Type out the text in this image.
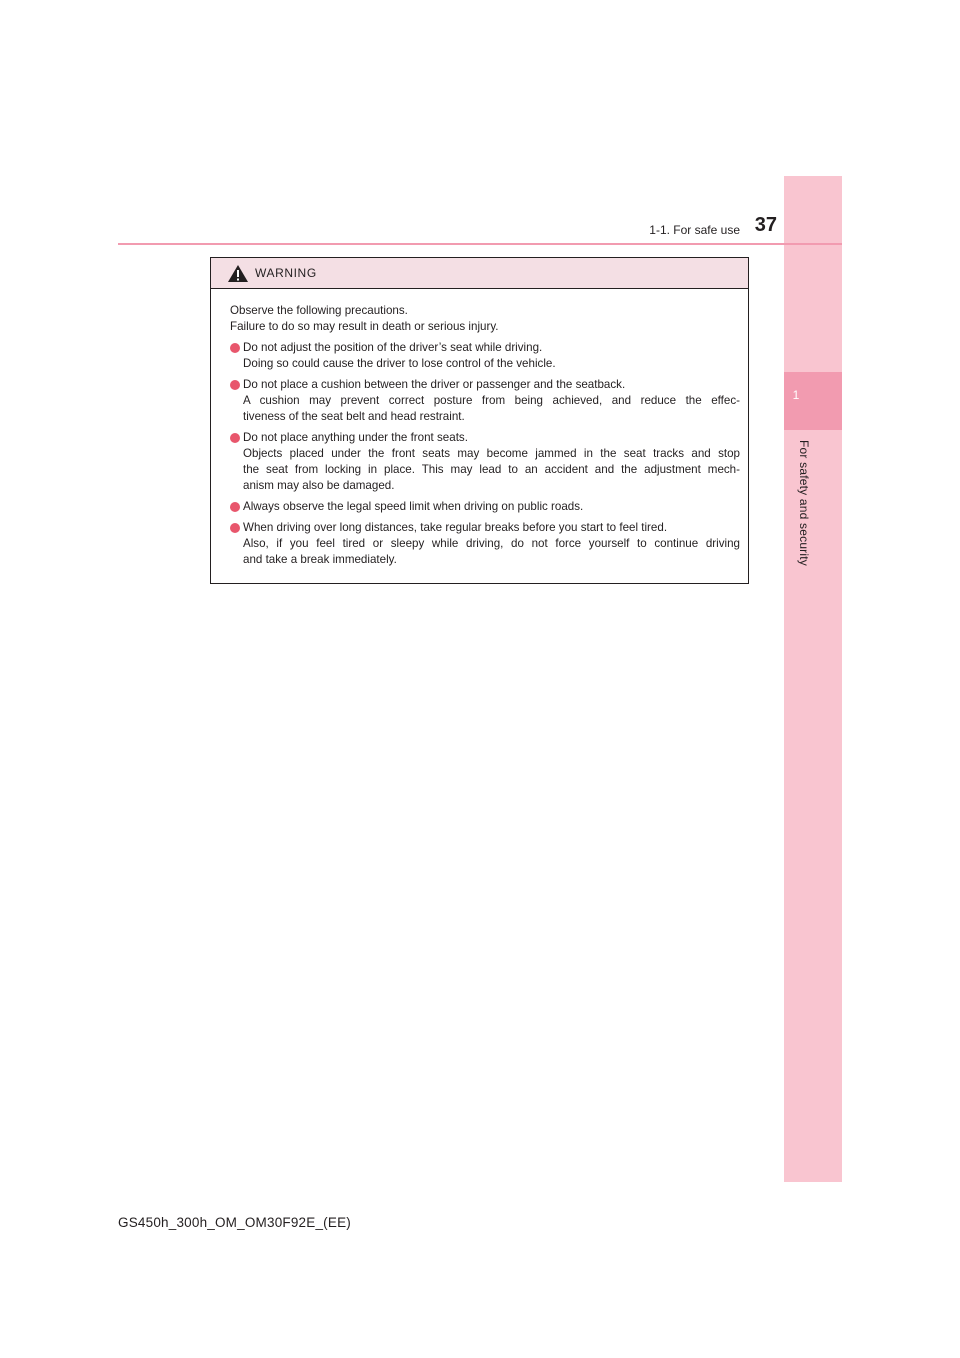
1
For safety and security
1-1. For safe use 37
WARNING
Observe the following precautions.
Failure to do so may result in death or serious injury.
Do not adjust the position of the driver’s seat while driving.
Doing so could cause the driver to lose control of the vehicle.
Do not place a cushion between the driver or passenger and the seatback.
A cushion may prevent correct posture from being achieved, and reduce the effec-
tiveness of the seat belt and head restraint.
Do not place anything under the front seats.
Objects placed under the front seats may become jammed in the seat tracks and stop
the seat from locking in place. This may lead to an accident and the adjustment mech-
anism may also be damaged.
Always observe the legal speed limit when driving on public roads.
When driving over long distances, take regular breaks before you start to feel tired.
Also, if you feel tired or sleepy while driving, do not force yourself to continue driving
and take a break immediately.
GS450h_300h_OM_OM30F92E_(EE)
